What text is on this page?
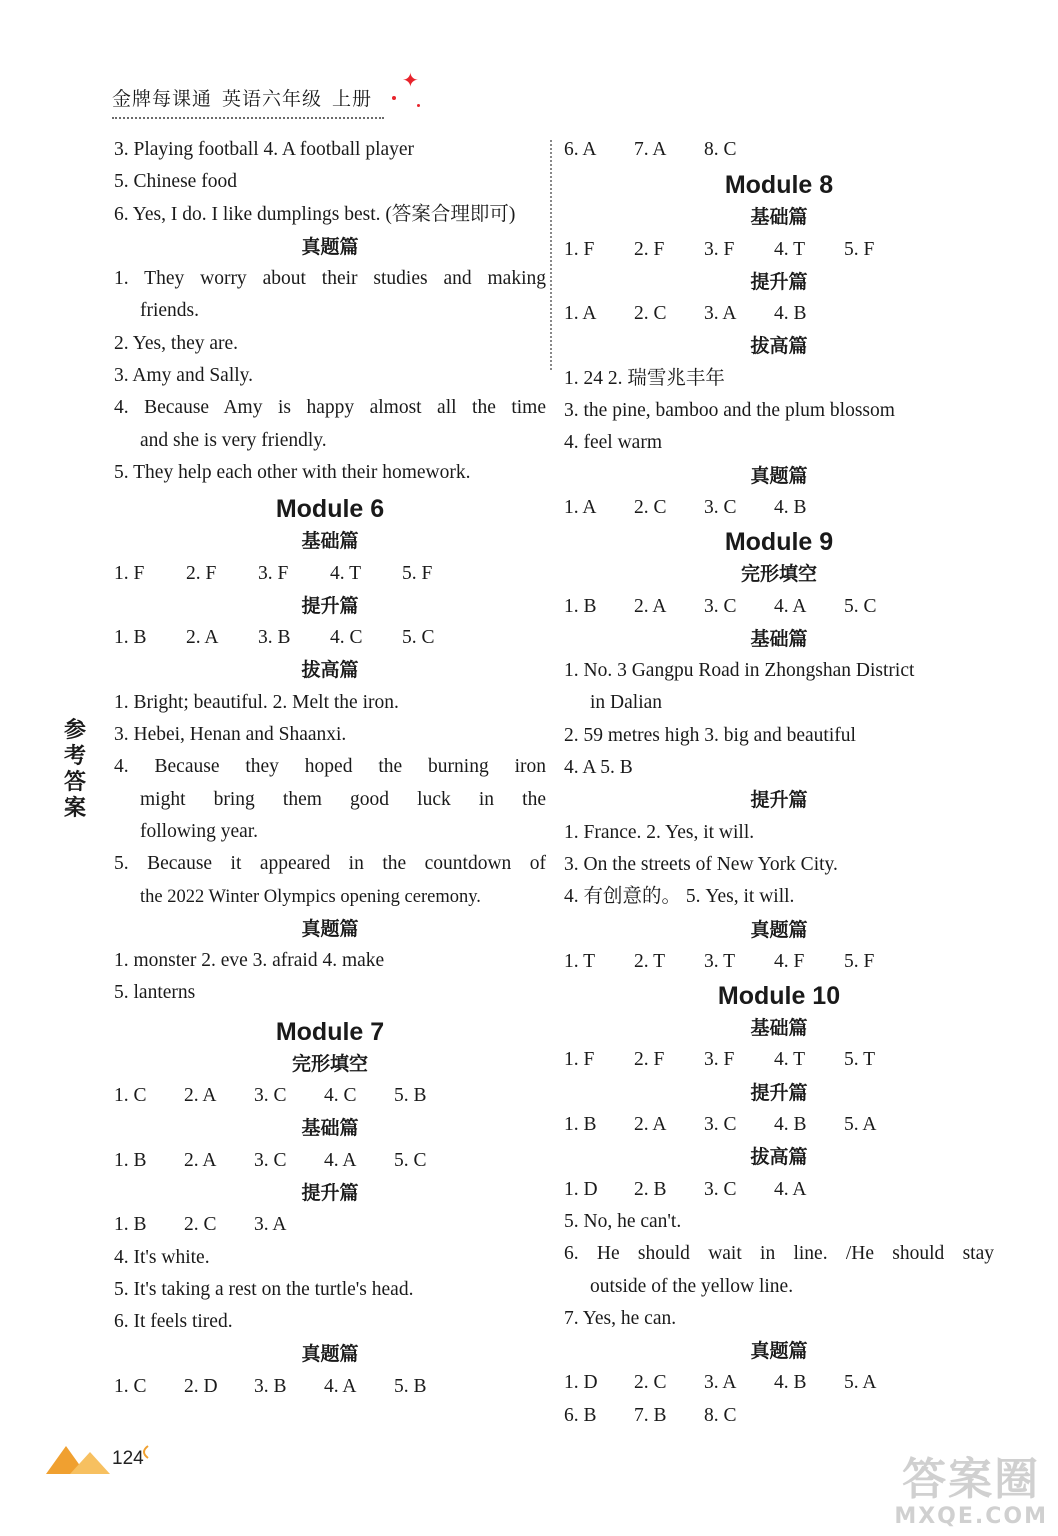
金牌每课通 英语六年级 上册
✦
参考答案
3. Playing football 4. A football player
5. Chinese food
6. Yes, I do. I like dumplings best. (答案合理即可)
真题篇
1. They worry about their studies and making
friends.
2. Yes, they are.
3. Amy and Sally.
4. Because Amy is happy almost all the time
and she is very friendly.
5. They help each other with their homework.
Module 6
基础篇
1. F	2. F	3. F	4. T	5. F
提升篇
1. B	2. A	3. B	4. C	5. C
拔高篇
1. Bright; beautiful. 2. Melt the iron.
3. Hebei, Henan and Shaanxi.
4. Because they hoped the burning iron
might bring them good luck in the
following year.
5. Because it appeared in the countdown of
the 2022 Winter Olympics opening ceremony.
真题篇
1. monster 2. eve 3. afraid 4. make
5. lanterns
Module 7
完形填空
1. C	2. A	3. C	4. C	5. B
基础篇
1. B	2. A	3. C	4. A	5. C
提升篇
1. B	2. C	3. A
4. It's white.
5. It's taking a rest on the turtle's head.
6. It feels tired.
真题篇
1. C	2. D	3. B	4. A	5. B
6. A	7. A	8. C
Module 8
基础篇
1. F	2. F	3. F	4. T	5. F
提升篇
1. A	2. C	3. A	4. B
拔高篇
1. 24 2. 瑞雪兆丰年
3. the pine, bamboo and the plum blossom
4. feel warm
真题篇
1. A	2. C	3. C	4. B
Module 9
完形填空
1. B	2. A	3. C	4. A	5. C
基础篇
1. No. 3 Gangpu Road in Zhongshan District
in Dalian
2. 59 metres high 3. big and beautiful
4. A 5. B
提升篇
1. France. 2. Yes, it will.
3. On the streets of New York City.
4. 有创意的。 5. Yes, it will.
真题篇
1. T	2. T	3. T	4. F	5. F
Module 10
基础篇
1. F	2. F	3. F	4. T	5. T
提升篇
1. B	2. A	3. C	4. B	5. A
拔高篇
1. D	2. B	3. C	4. A
5. No, he can't.
6. He should wait in line. /He should stay
outside of the yellow line.
7. Yes, he can.
真题篇
1. D	2. C	3. A	4. B	5. A
6. B	7. B	8. C
124	答案圈
MXQE.COM
